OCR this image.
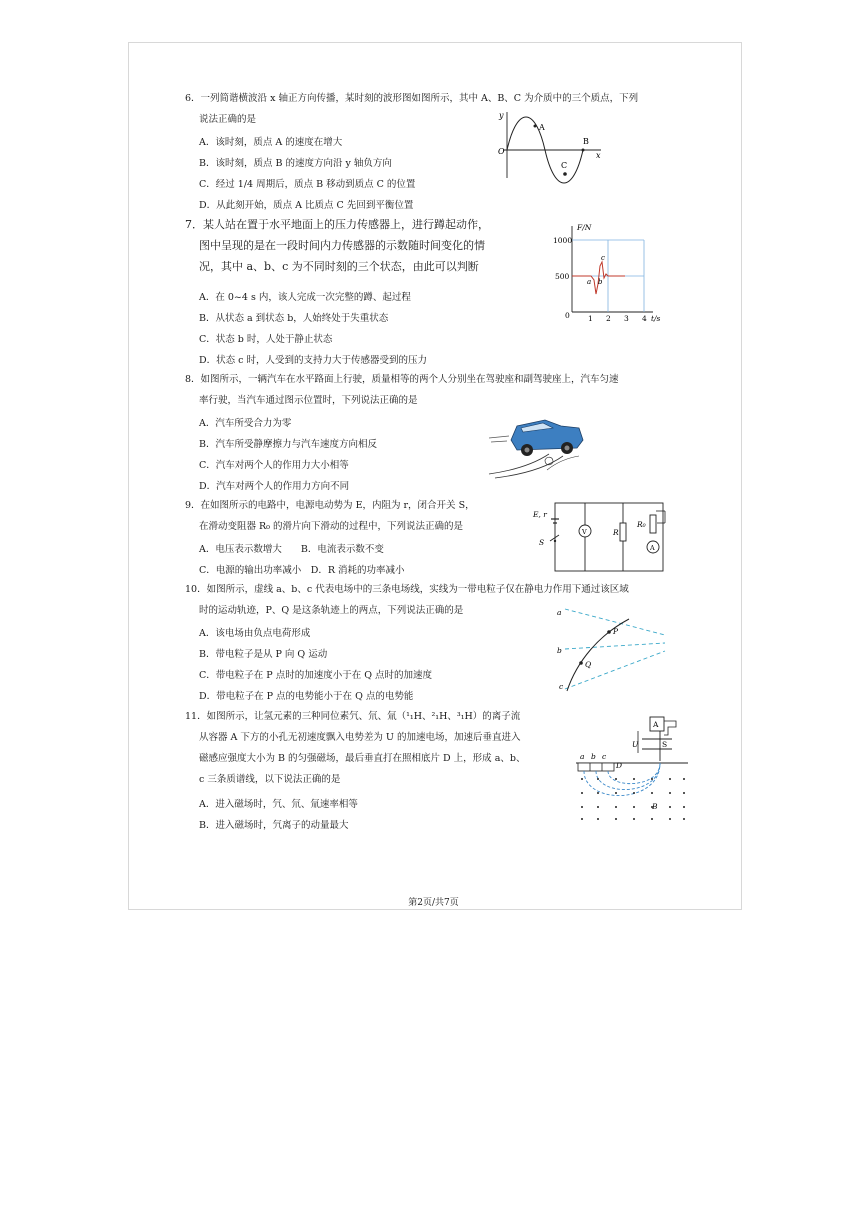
6．一列简谐横波沿 x 轴正方向传播，某时刻的波形图如图所示，其中 A、B、C 为介质中的三个质点，下列

说法正确的是

A．该时刻，质点 A 的速度在增大
B．该时刻，质点 B 的速度方向沿 y 轴负方向
C．经过 1/4 周期后，质点 B 移动到质点 C 的位置
D．从此刻开始，质点 A 比质点 C 先回到平衡位置
y
x
O
A
B
C

7．某人站在置于水平地面上的压力传感器上，进行蹲起动作，

图中呈现的是在一段时间内力传感器的示数随时间变化的情

况，其中 a、b、c 为不同时刻的三个状态，由此可以判断

A．在 0~4 s 内，该人完成一次完整的蹲、起过程
B．从状态 a 到状态 b，人始终处于失重状态
C．状态 b 时，人处于静止状态
D．状态 c 时，人受到的支持力大于传感器受到的压力
1000
500
0
F/N
1 2 3 4 t/s
a b
c

8．如图所示，一辆汽车在水平路面上行驶，质量相等的两个人分别坐在驾驶座和副驾驶座上，汽车匀速

率行驶，当汽车通过图示位置时，下列说法正确的是

A．汽车所受合力为零
B．汽车所受静摩擦力与汽车速度方向相反
C．汽车对两个人的作用力大小相等
D．汽车对两个人的作用力方向不同

9．在如图所示的电路中，电源电动势为 E，内阻为 r，闭合开关 S，

在滑动变阻器 R₀ 的滑片向下滑动的过程中，下列说法正确的是

A．电压表示数增大　　B．电流表示数不变
C．电源的输出功率减小　D．R 消耗的功率减小
E, r
S
V	R
R₀
A

10．如图所示，虚线 a、b、c 代表电场中的三条电场线，实线为一带电粒子仅在静电力作用下通过该区域

时的运动轨迹，P、Q 是这条轨迹上的两点，下列说法正确的是

A．该电场由负点电荷形成
B．带电粒子是从 P 向 Q 运动
C．带电粒子在 P 点时的加速度小于在 Q 点时的加速度
D．带电粒子在 P 点的电势能小于在 Q 点的电势能
a
b
c
P
Q

11．如图所示，让氢元素的三种同位素氕、氘、氚（¹₁H、²₁H、³₁H）的离子流

从容器 A 下方的小孔无初速度飘入电势差为 U 的加速电场，加速后垂直进入

磁感应强度大小为 B 的匀强磁场，最后垂直打在照相底片 D 上，形成 a、b、

c 三条质谱线，以下说法正确的是

A．进入磁场时，氕、氘、氚速率相等
B．进入磁场时，氕离子的动量最大
a b c
D
A
U	S
B
第2页/共7页
